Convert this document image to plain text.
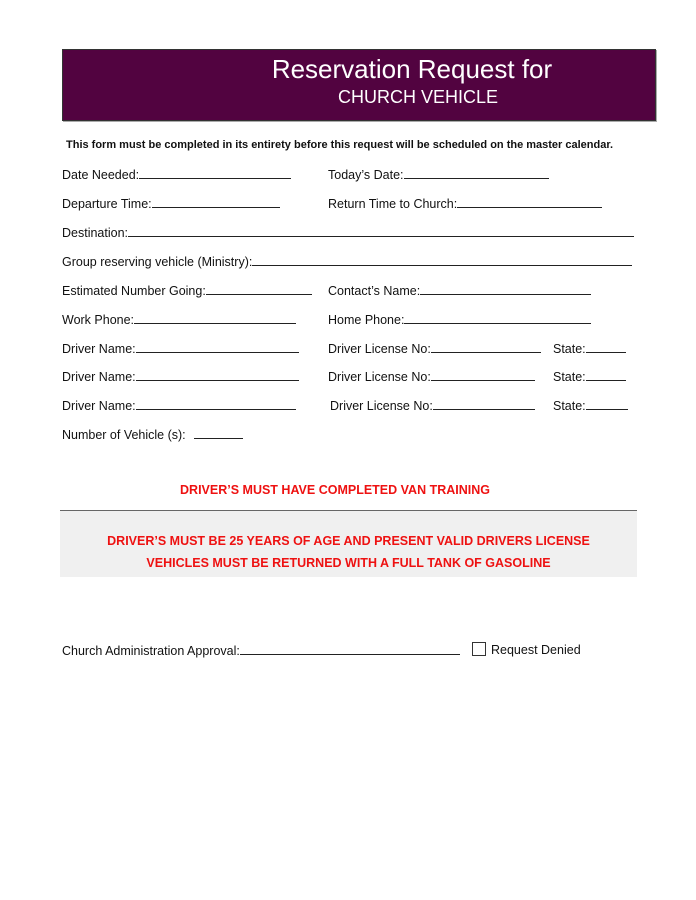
Reservation Request for
CHURCH VEHICLE
This form must be completed in its entirety before this request will be scheduled on the master calendar.
Date Needed:	Today’s Date:
Departure Time:	Return Time to Church:
Destination:
Group reserving vehicle (Ministry):
Estimated Number Going:	Contact’s Name:
Work Phone:	Home Phone:
Driver Name:	Driver License No:	State:
Driver Name:	Driver License No:	State:
Driver Name:	Driver License No:	State:
Number of Vehicle (s):
DRIVER’S MUST HAVE COMPLETED VAN TRAINING
DRIVER’S MUST BE 25 YEARS OF AGE AND PRESENT VALID DRIVERS LICENSE
VEHICLES MUST BE RETURNED WITH A FULL TANK OF GASOLINE
Church Administration Approval:	Request Denied
